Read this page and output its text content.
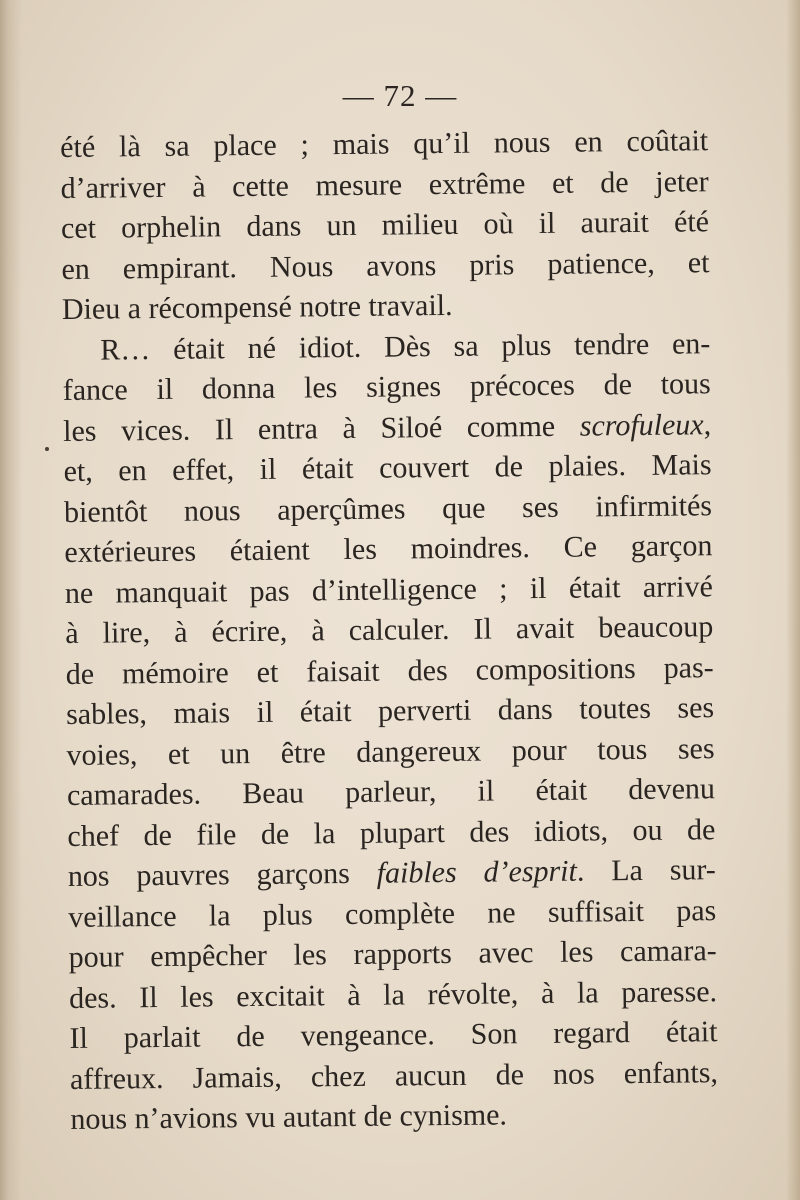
— 72 —
été là sa place ; mais qu’il nous en coûtait
d’arriver à cette mesure extrême et de jeter
cet orphelin dans un milieu où il aurait été
en empirant. Nous avons pris patience, et
Dieu a récompensé notre travail.
R… était né idiot. Dès sa plus tendre en-
fance il donna les signes précoces de tous
les vices. Il entra à Siloé comme scrofuleux,
et, en effet, il était couvert de plaies. Mais
bientôt nous aperçûmes que ses infirmités
extérieures étaient les moindres. Ce garçon
ne manquait pas d’intelligence ; il était arrivé
à lire, à écrire, à calculer. Il avait beaucoup
de mémoire et faisait des compositions pas-
sables, mais il était perverti dans toutes ses
voies, et un être dangereux pour tous ses
camarades. Beau parleur, il était devenu
chef de file de la plupart des idiots, ou de
nos pauvres garçons faibles d’esprit. La sur-
veillance la plus complète ne suffisait pas
pour empêcher les rapports avec les camara-
des. Il les excitait à la révolte, à la paresse.
Il parlait de vengeance. Son regard était
affreux. Jamais, chez aucun de nos enfants,
nous n’avions vu autant de cynisme.
